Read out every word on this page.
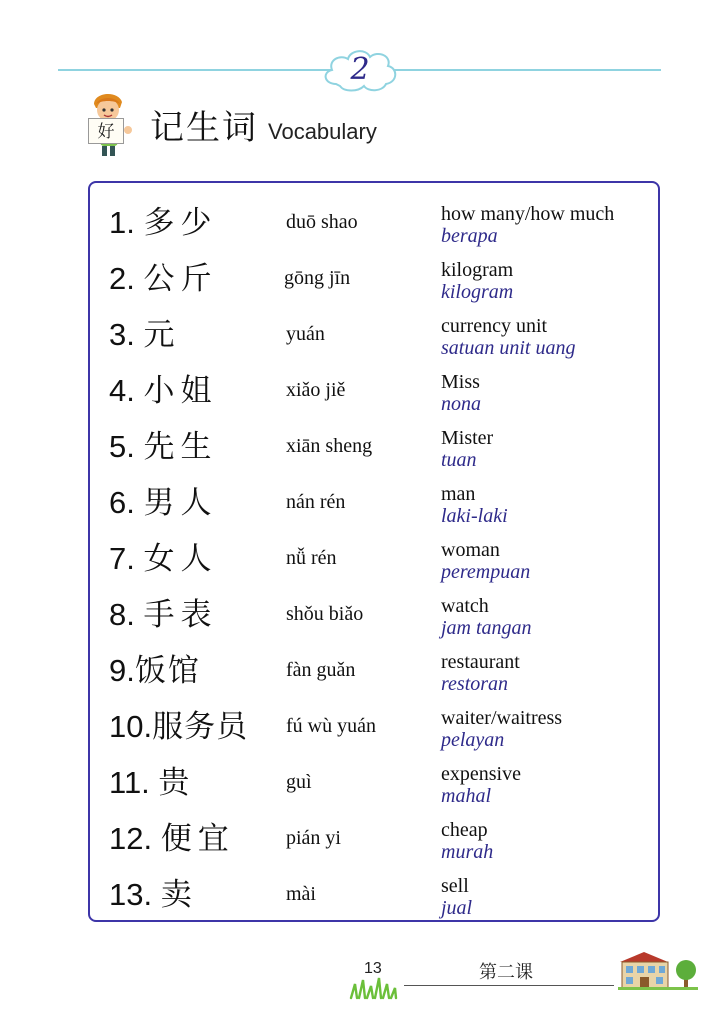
2
好 记生词 Vocabulary
1. 多少	duō shao	how many/how much
berapa
2. 公斤	gōng jīn	kilogram
kilogram
3. 元	yuán	currency unit
satuan unit uang
4. 小姐	xiǎo jiě	Miss
nona
5. 先生	xiān sheng	Mister
tuan
6. 男人	nán rén	man
laki-laki
7. 女人	nǚ rén	woman
perempuan
8. 手表	shǒu biǎo	watch
jam tangan
9.饭馆	fàn guǎn	restaurant
restoran
10.服务员 fú wù yuán	waiter/waitress
pelayan
11. 贵	guì	expensive
mahal
12. 便宜	pián yi	cheap
murah
13. 卖	mài	sell
jual
13	第二课
